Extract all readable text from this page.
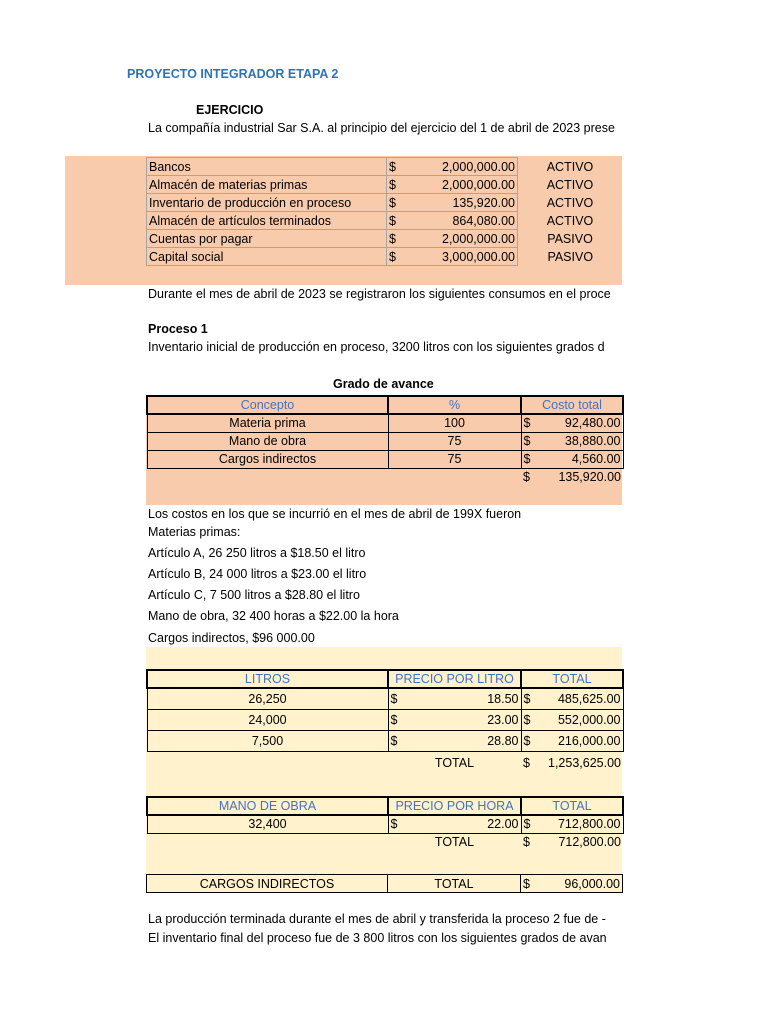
PROYECTO INTEGRADOR ETAPA 2
EJERCICIO
La compañía industrial Sar S.A. al principio del ejercicio del 1 de abril de 2023 prese
Bancos	$ 2,000,000.00	ACTIVO
Almacén de materias primas	$ 2,000,000.00	ACTIVO
Inventario de producción en proceso	$ 135,920.00	ACTIVO
Almacén de artículos terminados	$ 864,080.00	ACTIVO
Cuentas por pagar	$ 2,000,000.00	PASIVO
Capital social	$ 3,000,000.00	PASIVO
Durante el mes de abril de 2023 se registraron los siguientes consumos en el proce
Proceso 1
Inventario inicial de producción en proceso, 3200 litros con los siguientes grados d
Grado de avance
Concepto	%	Costo total
Materia prima	100	$ 92,480.00

Mano de obra	75	$ 38,880.00

Cargos indirectos	75	$ 4,560.00

		$ 135,920.00
Los costos en los que se incurrió en el mes de abril de 199X fueron
Materias primas:
Artículo A, 26 250 litros a $18.50 el litro
Artículo B, 24 000 litros a $23.00 el litro
Artículo C, 7 500 litros a $28.80 el litro
Mano de obra, 32 400 horas a $22.00 la hora
Cargos indirectos, $96 000.00
LITROS	PRECIO POR LITRO	TOTAL
26,250	$ 18.50	$ 485,625.00

24,000	$ 23.00	$ 552,000.00

7,500	$ 28.80	$ 216,000.00

	TOTAL	$ 1,253,625.00
MANO DE OBRA	PRECIO POR HORA	TOTAL
32,400	$ 22.00	$ 712,800.00

	TOTAL	$ 712,800.00
CARGOS INDIRECTOS	TOTAL	$	96,000.00
La producción terminada durante el mes de abril y transferida la proceso 2 fue de -
El inventario final del proceso fue de 3 800 litros con los siguientes grados de avan
